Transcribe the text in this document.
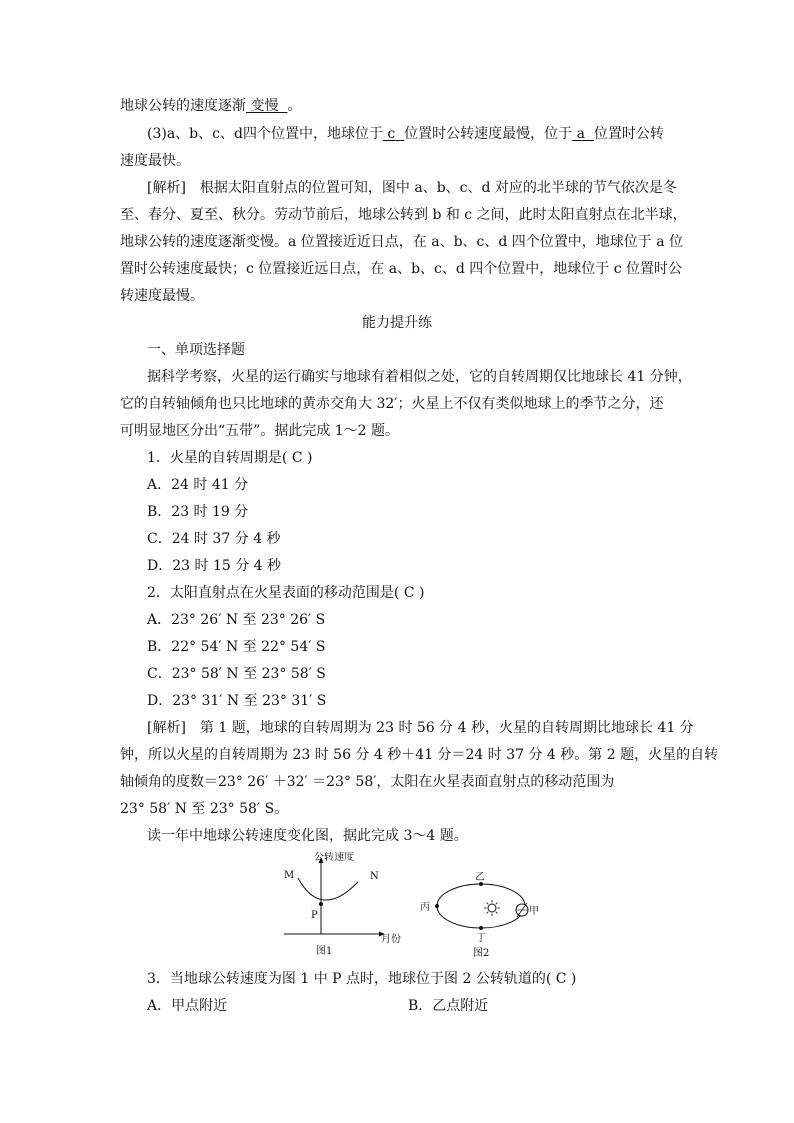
地球公转的速度逐渐 变慢 。
(3)a、b、c、d四个位置中，地球位于 c 位置时公转速度最慢，位于 a 位置时公转
速度最快。
[解析]　根据太阳直射点的位置可知，图中 a、b、c、d 对应的北半球的节气依次是冬
至、春分、夏至、秋分。劳动节前后，地球公转到 b 和 c 之间，此时太阳直射点在北半球，
地球公转的速度逐渐变慢。a 位置接近近日点，在 a、b、c、d 四个位置中，地球位于 a 位
置时公转速度最快；c 位置接近远日点，在 a、b、c、d 四个位置中，地球位于 c 位置时公
转速度最慢。
能力提升练
一、单项选择题
据科学考察，火星的运行确实与地球有着相似之处，它的自转周期仅比地球长 41 分钟，
它的自转轴倾角也只比地球的黄赤交角大 32′；火星上不仅有类似地球上的季节之分，还
可明显地区分出“五带”。据此完成 1～2 题。
1．火星的自转周期是( C )
A．24 时 41 分
B．23 时 19 分
C．24 时 37 分 4 秒
D．23 时 15 分 4 秒
2．太阳直射点在火星表面的移动范围是( C )
A．23° 26′ N 至 23° 26′ S
B．22° 54′ N 至 22° 54′ S
C．23° 58′ N 至 23° 58′ S
D．23° 31′ N 至 23° 31′ S
[解析]　第 1 题，地球的自转周期为 23 时 56 分 4 秒，火星的自转周期比地球长 41 分
钟，所以火星的自转周期为 23 时 56 分 4 秒＋41 分＝24 时 37 分 4 秒。第 2 题，火星的自转
轴倾角的度数＝23° 26′ ＋32′ ＝23° 58′，太阳在火星表面直射点的移动范围为
23° 58′ N 至 23° 58′ S。
读一年中地球公转速度变化图，据此完成 3～4 题。
公转速度
月份
M	N
P
图1
乙
丙	甲
丁
图2
3．当地球公转速度为图 1 中 P 点时，地球位于图 2 公转轨道的( C )
A．甲点附近	B．乙点附近
